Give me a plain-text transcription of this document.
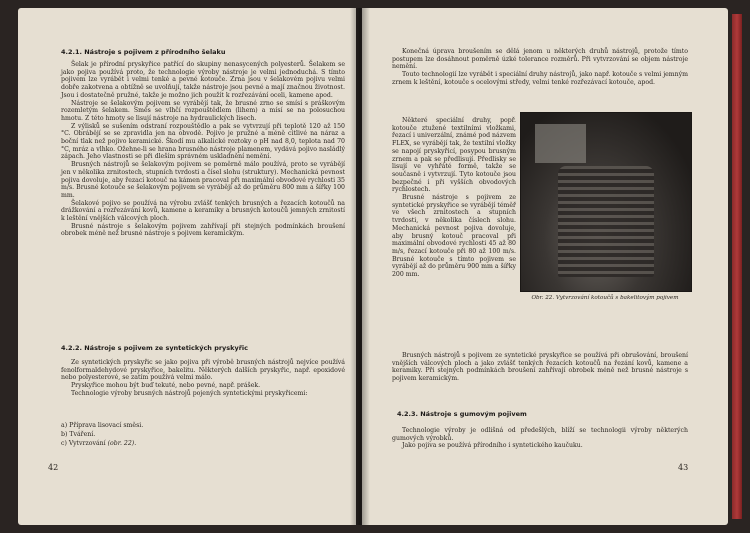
4.2.1. Nástroje s pojivem z přírodního šelaku

Šelak je přírodní pryskyřice patřící do skupiny nenasycených polyesterů. Šelakem se jako pojiva používá proto, že technologie výroby nástroje je velmi jednoduchá. S tímto pojivem lze vyrábět i velmi tenké a pevné kotouče. Zrna jsou v šelakovém pojivu velmi dobře zakotvena a obtížně se uvolňují, takže nástroje jsou pevné a mají značnou životnost. Jsou i dostatečně pružné, takže je možno jich použít k rozřezávání oceli, kamene apod.

Nástroje se šelakovým pojivem se vyrábějí tak, že brusné zrno se smísí s práškovým rozemletým šelakem. Směs se vlhčí rozpouštědlem (lihem) a mísí se na polosuchou hmotu. Z této hmoty se lisují nástroje na hydraulických lisech.

Z výlisků se sušením odstraní rozpouštědlo a pak se vytvrzují při teplotě 120 až 150 °C. Obrábějí se se zpravidla jen na obvodě. Pojivo je pružné a méně citlivé na náraz a boční tlak než pojivo keramické. Škodí mu alkalické roztoky o pH nad 8,0, teplota nad 70 °C, mráz a vlhko. Ožehne-li se hrana brusného nástroje plamenem, vydává pojivo nasládlý zápach. Jeho vlastnosti se při dleším správném uskladnění nemění.

Brusných nástrojů se šelakovým pojivem se poměrně málo používá, proto se vyrábějí jen v několika zrnitostech, stupních tvrdosti a čísel slohu (struktury). Mechanická pevnost pojiva dovoluje, aby řezací kotouč na kámen pracoval při maximální obvodové rychlosti 35 m/s. Brusné kotouče se šelakovým pojivem se vyrábějí až do průměru 800 mm a šířky 100 mm.

Šelakové pojivo se používá na výrobu zvlášť tenkých brusných a řezacích kotoučů na drážkování a rozřezávání kovů, kamene a keramiky a brusných kotoučů jemných zrnitostí k leštění vnějších válcových ploch.

Brusné nástroje s šelakovým pojivem zahřívají při stejných podmínkách broušení obrobek méně než brusné nástroje s pojivem keramickým.

4.2.2. Nástroje s pojivem ze syntetických pryskyřic

Ze syntetických pryskyřic se jako pojiva při výrobě brusných nástrojů nejvíce používá fenolformaldehydové pryskyřice, bakelitu. Některých dalších pryskyřic, např. epoxidové nebo polyesterové, se zatím používá velmi málo.

Pryskyřice mohou být buď tekuté, nebo pevné, např. prášek.

Technologie výroby brusných nástrojů pojených syntetickými pryskyřicemi:

a) Příprava lisovací směsi.
b) Tváření.
c) Vytvrzování (obr. 22).
42

Konečná úprava broušením se dělá jenom u některých druhů nástrojů, protože tímto postupem lze dosáhnout poměrně úzké tolerance rozměrů. Při vytvrzování se objem nástroje nemění.

Touto technologií lze vyrábět i speciální druhy nástrojů, jako např. kotouče s velmi jemným zrnem k leštění, kotouče s ocelovými středy, velmi tenké rozřezávací kotouče, apod.

Některé speciální druhy, popř. kotouče ztužené textilními vložkami, řezací i univerzální, známé pod názvem FLEX, se vyrábějí tak, že textilní vložky se napojí pryskyřicí, posypou brusným zrnem a pak se předlisují. Předlisky se lisují ve vyhřáté formě, takže se současně i vytvrzují. Tyto kotouče jsou bezpečné i při vyšších obvodových rychlostech.

Brusné nástroje s pojivem ze syntetické pryskyřice se vyrábějí téměř ve všech zrnitostech a stupních tvrdosti, v několika číslech slohu. Mechanická pevnost pojiva dovoluje, aby brusný kotouč pracoval při maximální obvodové rychlosti 45 až 80 m/s, řezací kotouče při 80 až 100 m/s. Brusné kotouče s tímto pojivem se vyrábějí až do průměru 900 mm a šířky 200 mm.

Obr. 22. Vytvrzování kotoučů s bakelitovým pojivem

Brusných nástrojů s pojivem ze syntetické pryskyřice se používá při obrušování, broušení vnějších válcových ploch a jako zvlášť tenkých řezacích kotoučů na řezání kovů, kamene a keramiky. Při stejných podmínkách broušení zahřívají obrobek méně než brusné nástroje s pojivem keramickým.

4.2.3. Nástroje s gumovým pojivem

Technologie výroby je odlišná od předešlých, blíží se technologii výroby některých gumových výrobků.

Jako pojiva se používá přírodního i syntetického kaučuku.

43
